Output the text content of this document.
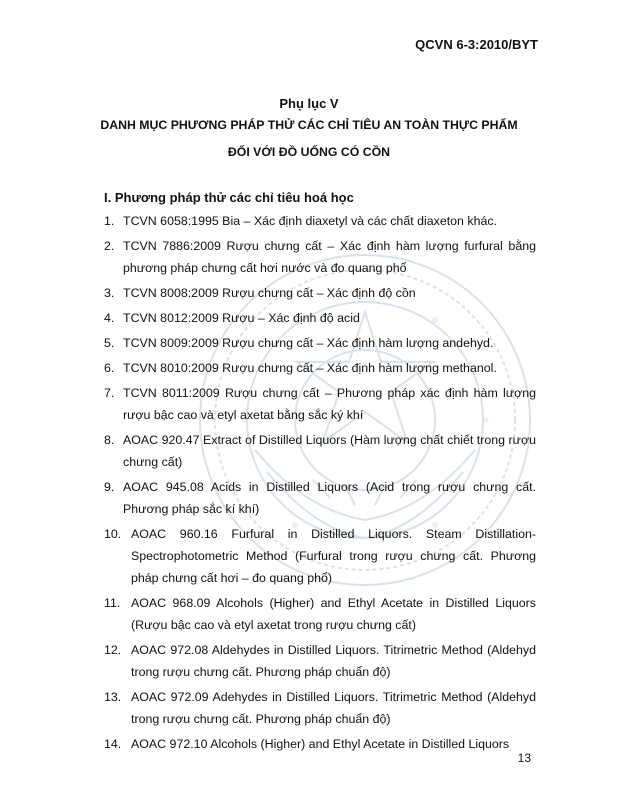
QCVN 6-3:2010/BYT
Phụ lục V
DANH MỤC PHƯƠNG PHÁP THỬ CÁC CHỈ TIÊU AN TOÀN THỰC PHẨM
ĐỐI VỚI ĐỒ UỐNG CÓ CỒN
I. Phương pháp thử các chỉ tiêu hoá học
1. TCVN 6058:1995 Bia – Xác định diaxetyl và các chất diaxeton khác.
2. TCVN 7886:2009 Rượu chưng cất – Xác định hàm lượng furfural bằng phương pháp chưng cất hơi nước và đo quang phổ
3. TCVN 8008:2009 Rượu chưng cất – Xác định độ cồn
4. TCVN 8012:2009 Rượu – Xác định độ acid
5. TCVN 8009:2009 Rượu chưng cất – Xác định hàm lượng andehyd.
6. TCVN 8010:2009 Rượu chưng cất – Xác định hàm lượng methanol.
7. TCVN 8011:2009 Rượu chưng cất – Phương pháp xác định hàm lượng rượu bậc cao và etyl axetat bằng sắc ký khí
8. AOAC 920.47 Extract of Distilled Liquors (Hàm lượng chất chiết trong rượu chưng cất)
9. AOAC 945.08 Acids in Distilled Liquors (Acid trong rượu chưng cất. Phương pháp sắc kí khí)
10. AOAC 960.16 Furfural in Distilled Liquors. Steam Distillation-Spectrophotometric Method (Furfural trong rượu chưng cất. Phương pháp chưng cất hơi – đo quang phổ)
11. AOAC 968.09 Alcohols (Higher) and Ethyl Acetate in Distilled Liquors (Rượu bậc cao và etyl axetat trong rượu chưng cất)
12. AOAC 972.08 Aldehydes in Distilled Liquors. Titrimetric Method (Aldehyd trong rượu chưng cất. Phương pháp chuẩn độ)
13. AOAC 972.09 Adehydes in Distilled Liquors. Titrimetric Method (Aldehyd trong rượu chưng cất. Phương pháp chuẩn độ)
14. AOAC 972.10 Alcohols (Higher) and Ethyl Acetate in Distilled Liquors
13
